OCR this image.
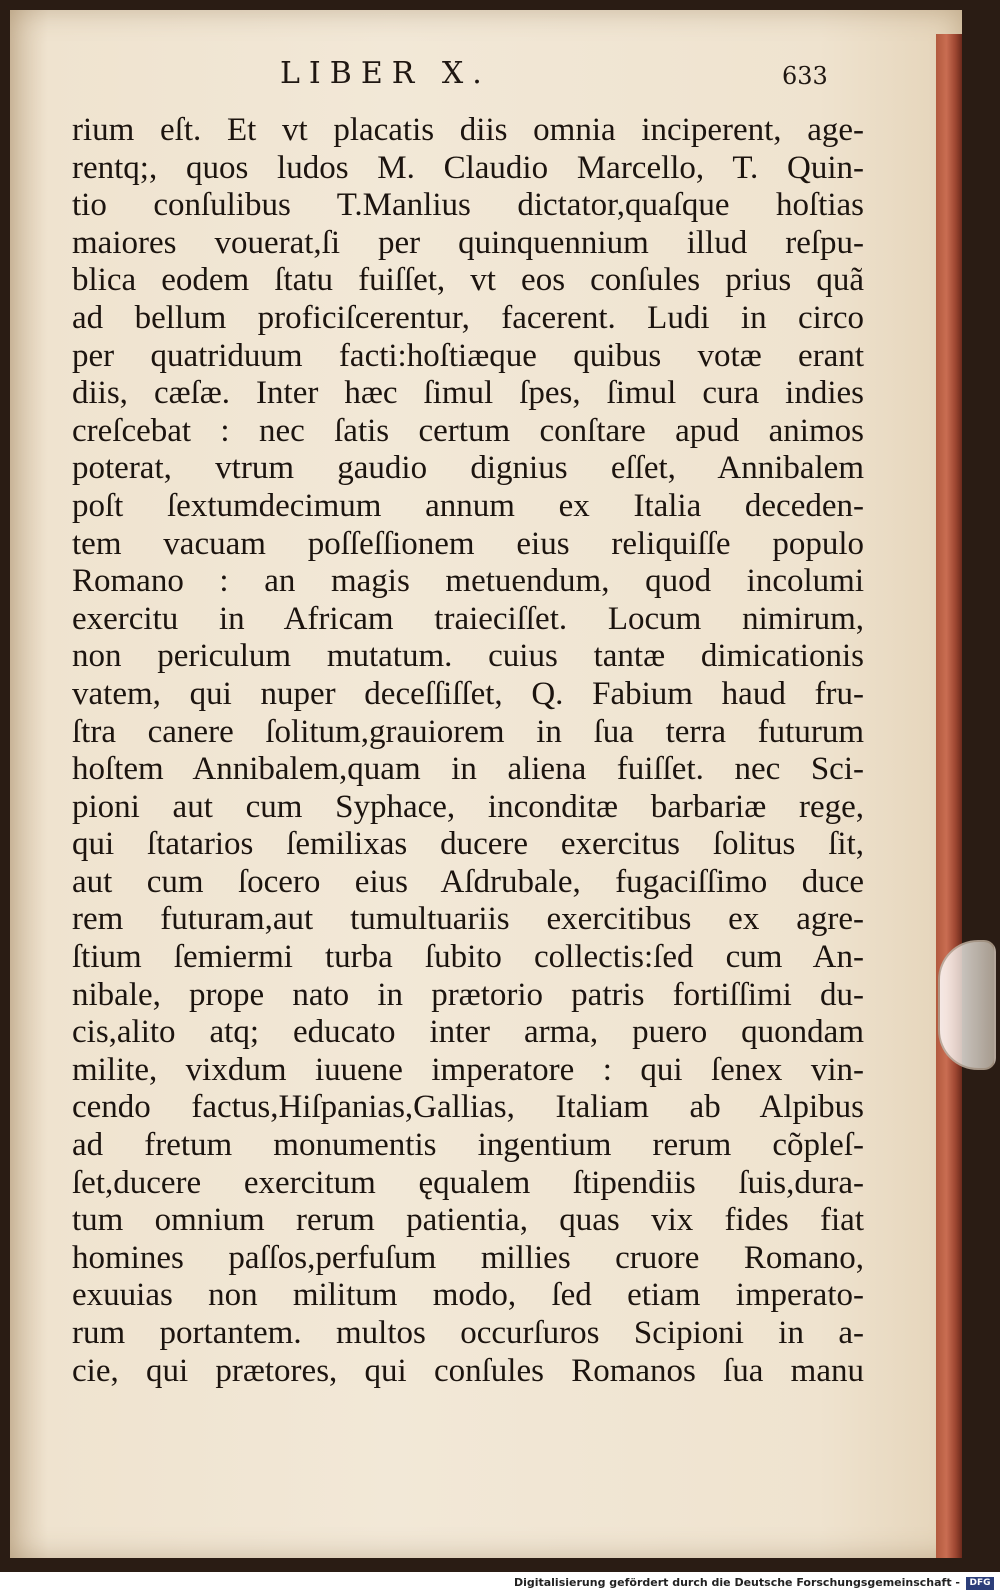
LIBER X.	633
rium eſt. Et vt placatis diis omnia inciperent, age-
rentq;, quos ludos M. Claudio Marcello, T. Quin-
tio conſulibus T.Manlius dictator,quaſque hoſtias
maiores vouerat,ſi per quinquennium illud reſpu-
blica eodem ſtatu fuiſſet, vt eos conſules prius quã
ad bellum proficiſcerentur, facerent. Ludi in circo
per quatriduum facti:hoſtiæque quibus votæ erant
diis, cæſæ. Inter hæc ſimul ſpes, ſimul cura indies
creſcebat : nec ſatis certum conſtare apud animos
poterat, vtrum gaudio dignius eſſet, Annibalem
poſt ſextumdecimum annum ex Italia deceden-
tem vacuam poſſeſſionem eius reliquiſſe populo
Romano : an magis metuendum, quod incolumi
exercitu in Africam traieciſſet. Locum nimirum,
non periculum mutatum. cuius tantæ dimicationis
vatem, qui nuper deceſſiſſet, Q. Fabium haud fru-
ſtra canere ſolitum,grauiorem in ſua terra futurum
hoſtem Annibalem,quam in aliena fuiſſet. nec Sci-
pioni aut cum Syphace, inconditæ barbariæ rege,
qui ſtatarios ſemilixas ducere exercitus ſolitus ſit,
aut cum ſocero eius Aſdrubale, fugaciſſimo duce
rem futuram,aut tumultuariis exercitibus ex agre-
ſtium ſemiermi turba ſubito collectis:ſed cum An-
nibale, prope nato in prætorio patris fortiſſimi du-
cis,alito atq; educato inter arma, puero quondam
milite, vixdum iuuene imperatore : qui ſenex vin-
cendo factus,Hiſpanias,Gallias, Italiam ab Alpibus
ad fretum monumentis ingentium rerum cõpleſ-
ſet,ducere exercitum ęqualem ſtipendiis ſuis,dura-
tum omnium rerum patientia, quas vix fides fiat
homines paſſos,perfuſum millies cruore Romano,
exuuias non militum modo, ſed etiam imperato-
rum portantem. multos occurſuros Scipioni in a-
cie, qui prætores, qui conſules Romanos ſua manu
Digitalisierung gefördert durch die Deutsche Forschungsgemeinschaft -	DFG
